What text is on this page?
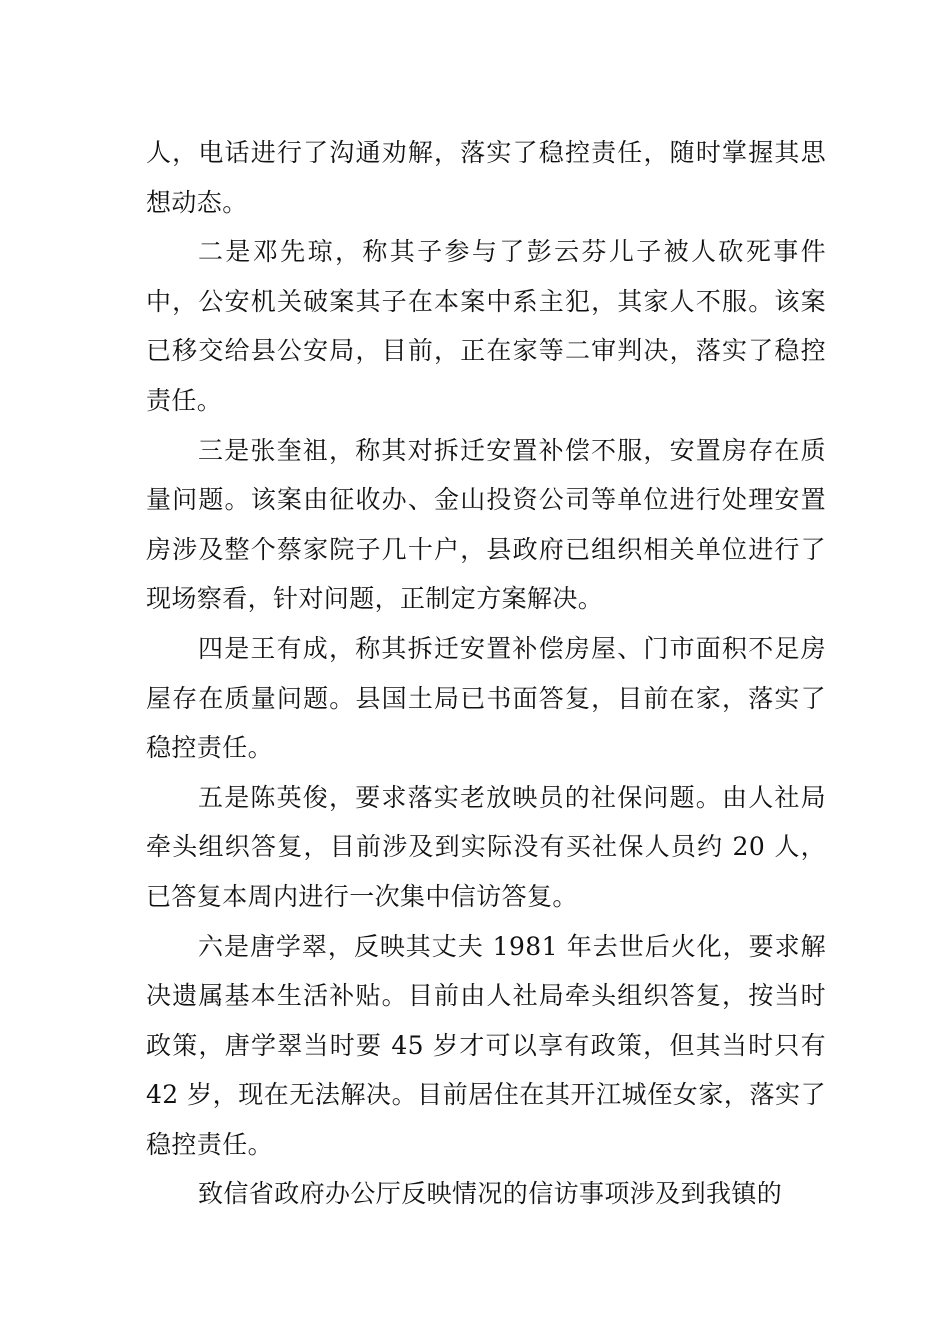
人，电话进行了沟通劝解，落实了稳控责任，随时掌握其思想动态。

二是邓先琼，称其子参与了彭云芬儿子被人砍死事件中，公安机关破案其子在本案中系主犯，其家人不服。该案已移交给县公安局，目前，正在家等二审判决，落实了稳控责任。

三是张奎祖，称其对拆迁安置补偿不服，安置房存在质量问题。该案由征收办、金山投资公司等单位进行处理安置房涉及整个蔡家院子几十户，县政府已组织相关单位进行了现场察看，针对问题，正制定方案解决。

四是王有成，称其拆迁安置补偿房屋、门市面积不足房屋存在质量问题。县国土局已书面答复，目前在家，落实了稳控责任。

五是陈英俊，要求落实老放映员的社保问题。由人社局牵头组织答复，目前涉及到实际没有买社保人员约 20 人，已答复本周内进行一次集中信访答复。

六是唐学翠，反映其丈夫 1981 年去世后火化，要求解决遗属基本生活补贴。目前由人社局牵头组织答复，按当时政策，唐学翠当时要 45 岁才可以享有政策，但其当时只有 42 岁，现在无法解决。目前居住在其开江城侄女家，落实了稳控责任。

致信省政府办公厅反映情况的信访事项涉及到我镇的
